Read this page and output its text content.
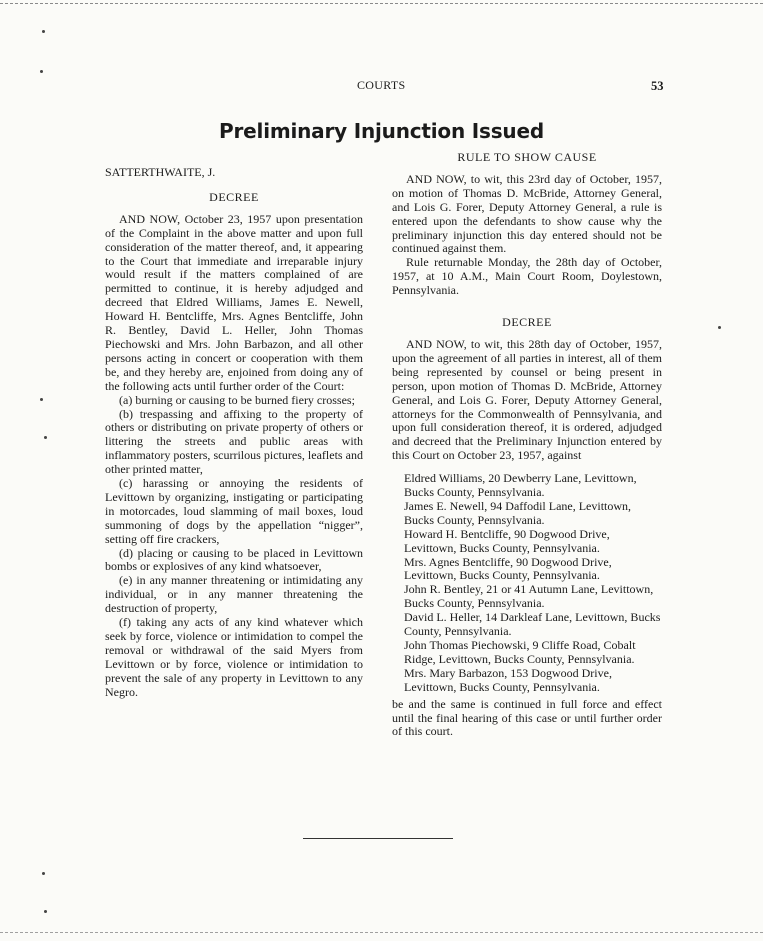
COURTS	53
Preliminary Injunction Issued

SATTERTHWAITE, J.

DECREE

AND NOW, October 23, 1957 upon presentation of the Complaint in the above matter and upon full consideration of the matter thereof, and, it appearing to the Court that immediate and irreparable injury would result if the matters complained of are permitted to continue, it is hereby adjudged and decreed that Eldred Williams, James E. Newell, Howard H. Bentcliffe, Mrs. Agnes Bentcliffe, John R. Bentley, David L. Heller, John Thomas Piechowski and Mrs. John Barbazon, and all other persons acting in concert or cooperation with them be, and they hereby are, enjoined from doing any of the following acts until further order of the Court:

(a) burning or causing to be burned fiery crosses;

(b) trespassing and affixing to the property of others or distributing on private property of others or littering the streets and public areas with inflammatory posters, scurrilous pictures, leaflets and other printed matter,

(c) harassing or annoying the residents of Levittown by organizing, instigating or participating in motorcades, loud slamming of mail boxes, loud summoning of dogs by the appellation “nigger”, setting off fire crackers,

(d) placing or causing to be placed in Levittown bombs or explosives of any kind whatsoever,

(e) in any manner threatening or intimidating any individual, or in any manner threatening the destruction of property,

(f) taking any acts of any kind whatever which seek by force, violence or intimidation to compel the removal or withdrawal of the said Myers from Levittown or by force, violence or intimidation to prevent the sale of any property in Levittown to any Negro.

RULE TO SHOW CAUSE

AND NOW, to wit, this 23rd day of October, 1957, on motion of Thomas D. McBride, Attorney General, and Lois G. Forer, Deputy Attorney General, a rule is entered upon the defendants to show cause why the preliminary injunction this day entered should not be continued against them.

Rule returnable Monday, the 28th day of October, 1957, at 10 A.M., Main Court Room, Doylestown, Pennsylvania.

DECREE

AND NOW, to wit, this 28th day of October, 1957, upon the agreement of all parties in interest, all of them being represented by counsel or being present in person, upon motion of Thomas D. McBride, Attorney General, and Lois G. Forer, Deputy Attorney General, attorneys for the Commonwealth of Pennsylvania, and upon full consideration thereof, it is ordered, adjudged and decreed that the Preliminary Injunction entered by this Court on October 23, 1957, against

Eldred Williams, 20 Dewberry Lane, Levittown, Bucks County, Pennsylvania.

James E. Newell, 94 Daffodil Lane, Levittown, Bucks County, Pennsylvania.

Howard H. Bentcliffe, 90 Dogwood Drive, Levittown, Bucks County, Pennsylvania.

Mrs. Agnes Bentcliffe, 90 Dogwood Drive, Levittown, Bucks County, Pennsylvania.

John R. Bentley, 21 or 41 Autumn Lane, Levittown, Bucks County, Pennsylvania.

David L. Heller, 14 Darkleaf Lane, Levittown, Bucks County, Pennsylvania.

John Thomas Piechowski, 9 Cliffe Road, Cobalt Ridge, Levittown, Bucks County, Pennsylvania.

Mrs. Mary Barbazon, 153 Dogwood Drive, Levittown, Bucks County, Pennsylvania.

be and the same is continued in full force and effect until the final hearing of this case or until further order of this court.
